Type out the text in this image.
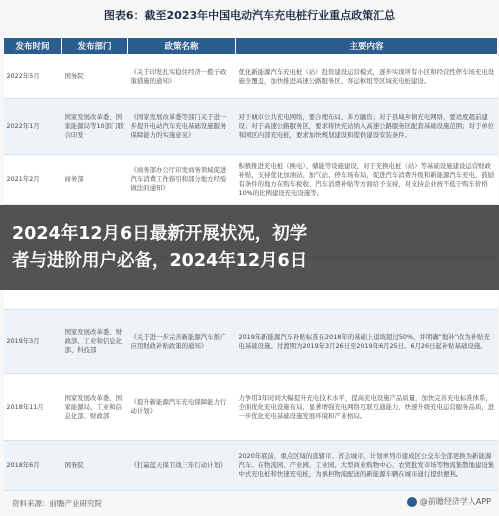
图表6：截至2023年中国电动汽车充电桩行业重点政策汇总
发布时间	发布部门	政策名称	主要内容
2022年5月	国务院	《关于印发扎实稳住经济一揽子政策措施的通知》	优化新能源汽车充电桩（站）投资建设运营模式，逐步实现所有小区和经营性停车场充电设施全覆盖，加快推进高速公路服务区、客运枢纽等区域充电桩建设。
2022年1月	国家发展改革委、国家能源局等10部门联合印发	《国家发展改革委等部门关于进一步提升电动汽车充电基础设施服务保障能力的实施意见》	对于城市公共充电网络，要合理布局、多方融资；对于县域乡镇充电网络，要适度超前建设；对于高速公路服务区，要求将快充站纳入高速公路服务区配套基础设施范围；对于单位和园区内部充电桩，要求加快规划建设和提供建设安装条件。
2021年2月	商务部	《商务部办公厅印发商务领域促进汽车消费工作指引和部分地方经验做法的通知》	积极推进充电桩（换电）、储能等设施建设，对于充换电桩（站）等基础设施建设运营财政补贴，支持优化加油站、加气站、停车场布局，促进汽车消费升级和新能源汽车充电，鼓励有条件的地方在购车税收、汽车消费补贴等方面给予支持，对支持企业按不低于购车价格10%的比例建设充电设施等。

2019年3月	国家发展改革委、财政部、工业和信息化部、科技部	《关于进一步完善新能源汽车推广应用财政补贴政策的通知》	2019年新能源汽车补贴标准在2018年的基础上退坡超过50%，并明确“地补”改为补贴充电基础设施。过渡期为2019年3月26日至2019年6月25日。6月26日起补贴基础设施。
2018年11月	国家发展改革委、国家能源局、工业和信息化部、财政部	《提升新能源汽车充电保障能力行动计划》	力争用3年时间大幅提升充电技术水平，提高充电设施产品质量，加快完善充电标准体系，全面优化充电设施布局，显著增强充电网络互联互通能力，快速升级充电运营服务品质，进一步优化充电基础设施发展环境和产业格局。
2018年6月	国务院	《打赢蓝天保卫战三年行动计划》	2020年底前，重点区域的直辖市、省会城市、计划单列市建成区公交车全部更换为新能源汽车。在物流园、产业园、工业园、大型商业购物中心、农贸批发市场等物流集散地建设集中式充电桩和快速充电桩，为承担物流配送的新能源车辆在城市通行提供便利。
2024年12月6日最新开展状况，初学
者与进阶用户必备，2024年12月6日
资料来源：前瞻产业研究院	@前瞻经济学人APP
